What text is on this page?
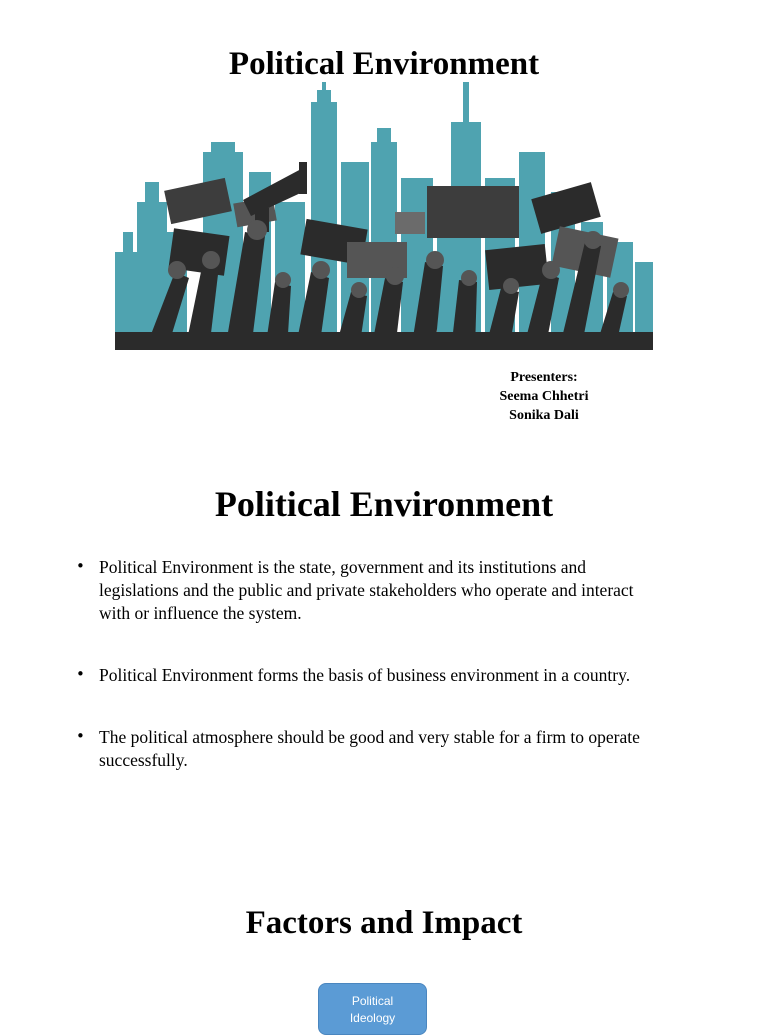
Political Environment
Presenters:
Seema Chhetri
Sonika Dali
Political Environment
• Political Environment is the state, government and its institutions and legislations and the public and private stakeholders who operate and interact with or influence the system.
• Political Environment forms the basis of business environment in a country.
• The political atmosphere should be good and very stable for a firm to operate successfully.
Factors and Impact
Political
Ideology
